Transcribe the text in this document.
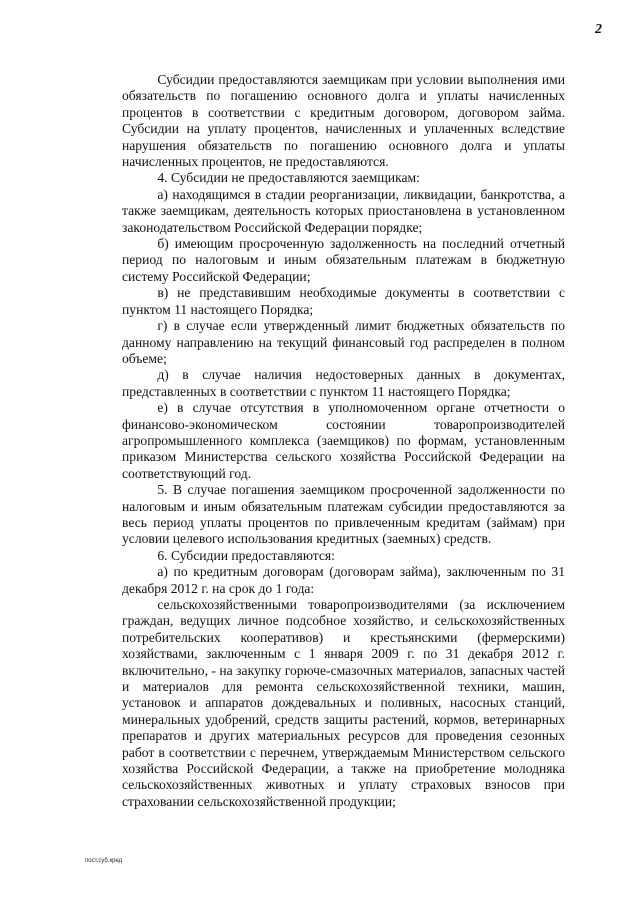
2

Субсидии предоставляются заемщикам при условии выполнения ими обязательств по погашению основного долга и уплаты начисленных процентов в соответствии с кредитным договором, договором займа. Субсидии на уплату процентов, начисленных и уплаченных вследствие нарушения обязательств по погашению основного долга и уплаты начисленных процентов, не предоставляются.

4. Субсидии не предоставляются заемщикам:

а) находящимся в стадии реорганизации, ликвидации, банкротства, а также заемщикам, деятельность которых приостановлена в установленном законодательством Российской Федерации порядке;

б) имеющим просроченную задолженность на последний отчетный период по налоговым и иным обязательным платежам в бюджетную систему Российской Федерации;

в) не представившим необходимые документы в соответствии с пунктом 11 настоящего Порядка;

г) в случае если утвержденный лимит бюджетных обязательств по данному направлению на текущий финансовый год распределен в полном объеме;

д) в случае наличия недостоверных данных в документах, представленных в соответствии с пунктом 11 настоящего Порядка;

е) в случае отсутствия в уполномоченном органе отчетности о финансово-экономическом состоянии товаропроизводителей агропромышленного комплекса (заемщиков) по формам, установленным приказом Министерства сельского хозяйства Российской Федерации на соответствующий год.

5. В случае погашения заемщиком просроченной задолженности по налоговым и иным обязательным платежам субсидии предоставляются за весь период уплаты процентов по привлеченным кредитам (займам) при условии целевого использования кредитных (заемных) средств.

6. Субсидии предоставляются:

а) по кредитным договорам (договорам займа), заключенным по 31 декабря 2012 г. на срок до 1 года:

сельскохозяйственными товаропроизводителями (за исключением граждан, ведущих личное подсобное хозяйство, и сельскохозяйственных потребительских кооперативов) и крестьянскими (фермерскими) хозяйствами, заключенным с 1 января 2009 г. по 31 декабря 2012 г. включительно, - на закупку горюче-смазочных материалов, запасных частей и материалов для ремонта сельскохозяйственной техники, машин, установок и аппаратов дождевальных и поливных, насосных станций, минеральных удобрений, средств защиты растений, кормов, ветеринарных препаратов и других материальных ресурсов для проведения сезонных работ в соответствии с перечнем, утверждаемым Министерством сельского хозяйства Российской Федерации, а также на приобретение молодняка сельскохозяйственных животных и уплату страховых взносов при страховании сельскохозяйственной продукции;

пост.суб.кред
